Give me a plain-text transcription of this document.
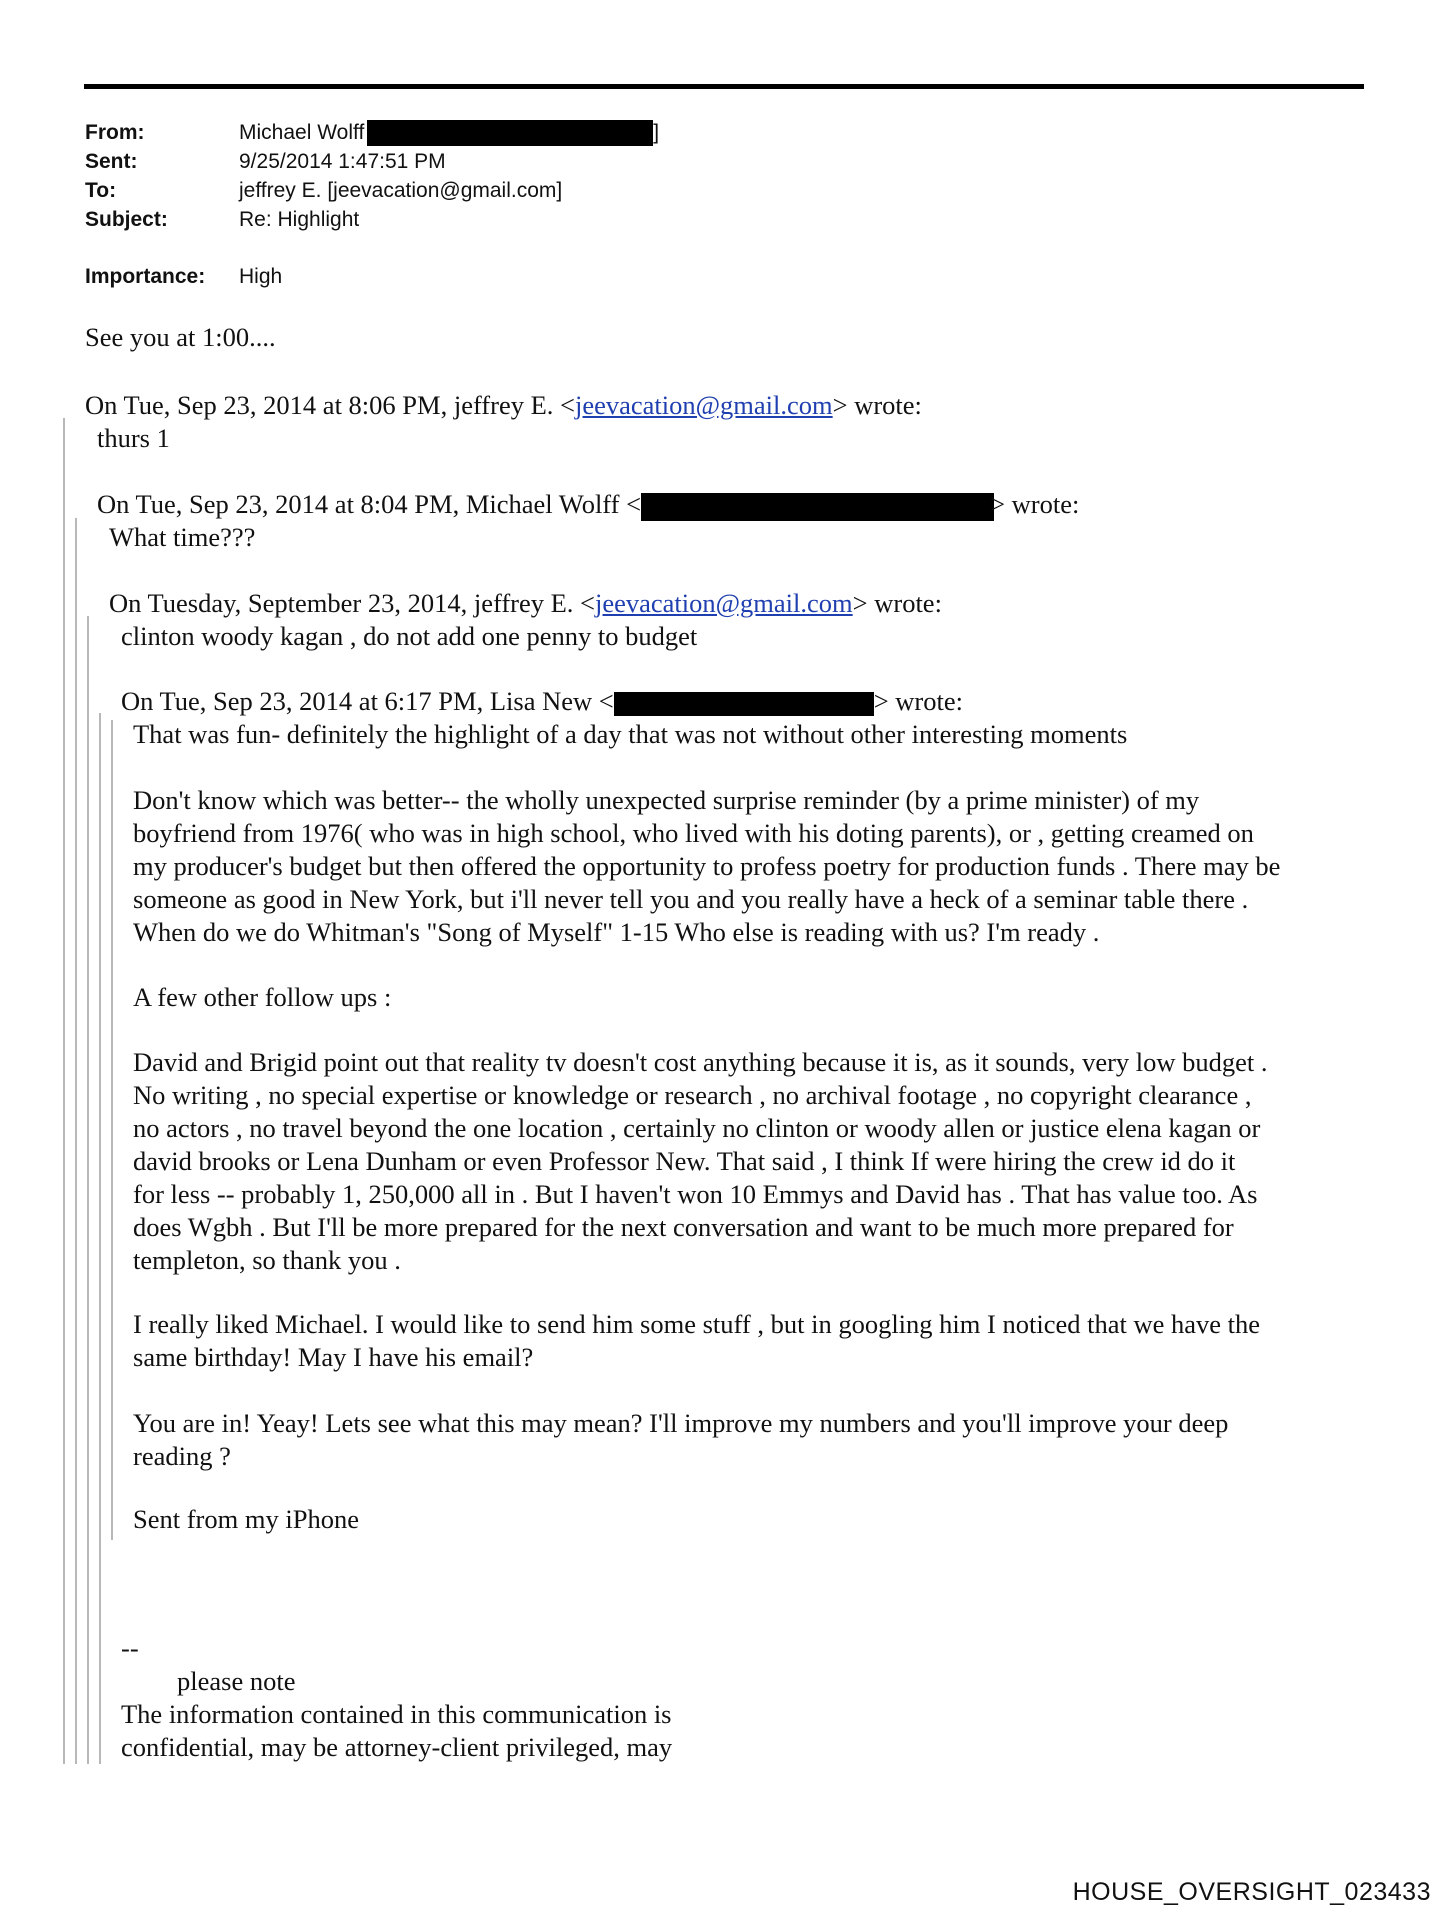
From:	Michael Wolff	]
Sent:	9/25/2014 1:47:51 PM
To:	jeffrey E. [jeevacation@gmail.com]
Subject:	Re: Highlight
Importance: High
See you at 1:00....
On Tue, Sep 23, 2014 at 8:06 PM, jeffrey E. <jeevacation@gmail.com> wrote:
thurs 1
On Tue, Sep 23, 2014 at 8:04 PM, Michael Wolff <	> wrote:
What time???
On Tuesday, September 23, 2014, jeffrey E. <jeevacation@gmail.com> wrote:
clinton woody kagan , do not add one penny to budget
On Tue, Sep 23, 2014 at 6:17 PM, Lisa New <	> wrote:
That was fun- definitely the highlight of a day that was not without other interesting moments
Don't know which was better-- the wholly unexpected surprise reminder (by a prime minister) of my
boyfriend from 1976( who was in high school, who lived with his doting parents), or , getting creamed on
my producer's budget but then offered the opportunity to profess poetry for production funds . There may be
someone as good in New York, but i'll never tell you and you really have a heck of a seminar table there .
When do we do Whitman's "Song of Myself" 1-15 Who else is reading with us? I'm ready .
A few other follow ups :
David and Brigid point out that reality tv doesn't cost anything because it is, as it sounds, very low budget .
No writing , no special expertise or knowledge or research , no archival footage , no copyright clearance ,
no actors , no travel beyond the one location , certainly no clinton or woody allen or justice elena kagan or
david brooks or Lena Dunham or even Professor New. That said , I think If were hiring the crew id do it
for less -- probably 1, 250,000 all in . But I haven't won 10 Emmys and David has . That has value too. As
does Wgbh . But I'll be more prepared for the next conversation and want to be much more prepared for
templeton, so thank you .
I really liked Michael. I would like to send him some stuff , but in googling him I noticed that we have the
same birthday! May I have his email?
You are in! Yeay! Lets see what this may mean? I'll improve my numbers and you'll improve your deep
reading ?
Sent from my iPhone
--
please note
The information contained in this communication is
confidential, may be attorney-client privileged, may
HOUSE_OVERSIGHT_023433
